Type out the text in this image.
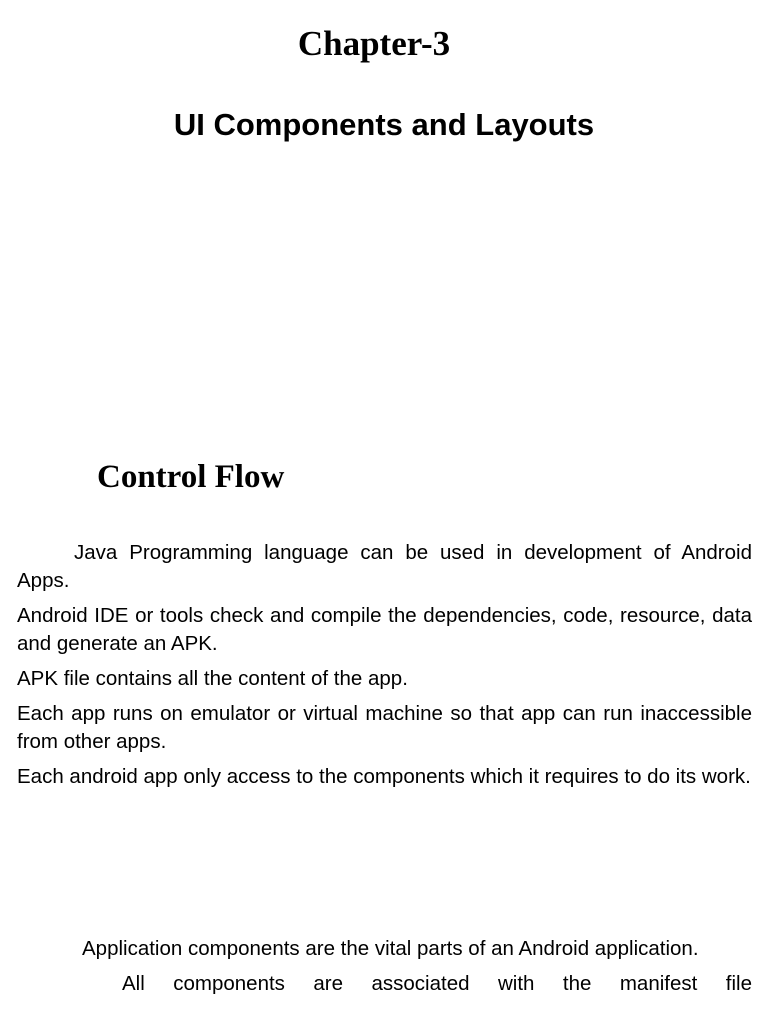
Chapter-3
UI Components and Layouts
Control Flow

Java Programming language can be used in development of Android Apps.

Android IDE or tools check and compile the dependencies, code, resource, data and generate an APK.

APK file contains all the content of the app.

Each app runs on emulator or virtual machine so that app can run inaccessible from other apps.

Each android app only access to the components which it requires to do its work.

Application components are the vital parts of an Android application.

All components are associated with the manifest file
